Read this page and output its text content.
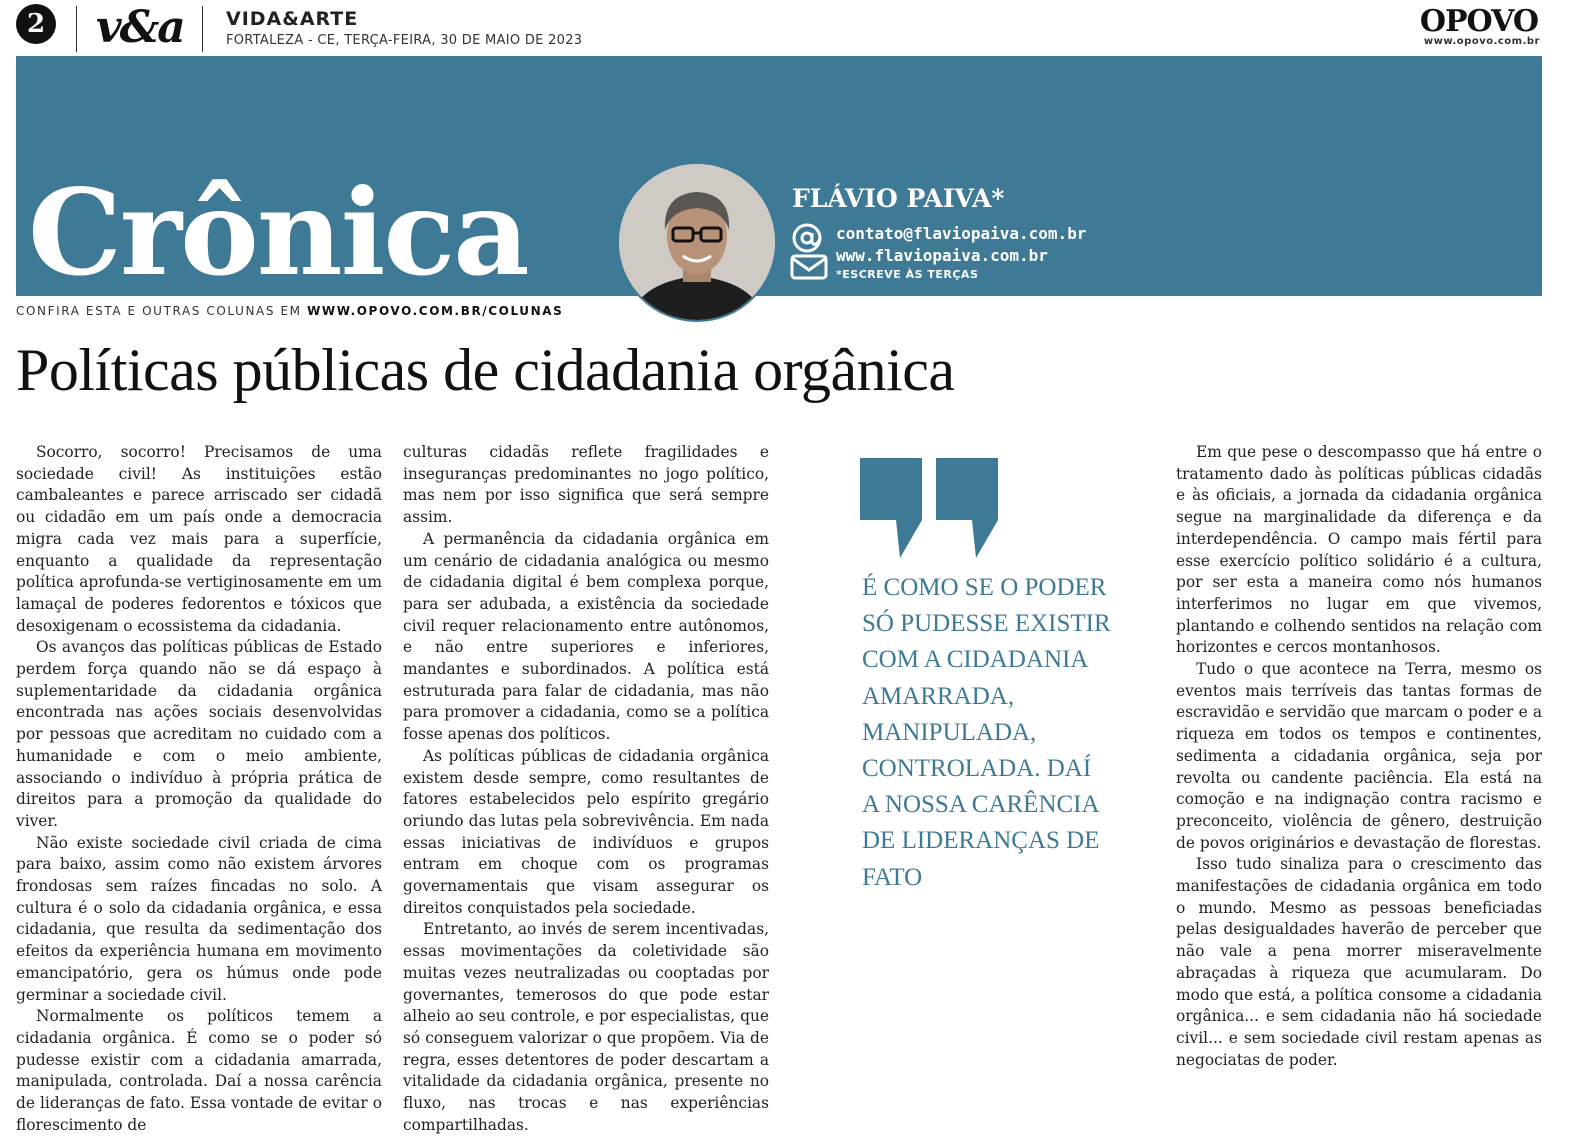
2 v&a VIDA&ARTE
FORTALEZA - CE, TERÇA-FEIRA, 30 DE MAIO DE 2023
OPOVO
www.opovo.com.br
Crônica	FLÁVIO PAIVA*
contato@flaviopaiva.com.br
www.flaviopaiva.com.br
*ESCREVE ÀS TERÇAS
CONFIRA ESTA E OUTRAS COLUNAS EM WWW.OPOVO.COM.BR/COLUNAS
Políticas públicas de cidadania orgânica

Socorro, socorro! Precisamos de uma sociedade civil! As instituições estão cambaleantes e parece arriscado ser cidadã ou cidadão em um país onde a democracia migra cada vez mais para a superfície, enquanto a qualidade da representação política aprofunda-se vertiginosamente em um lamaçal de poderes fedorentos e tóxicos que desoxigenam o ecossistema da cidadania.

Os avanços das políticas públicas de Estado perdem força quando não se dá espaço à suplementaridade da cidadania orgânica encontrada nas ações sociais desenvolvidas por pessoas que acreditam no cuidado com a humanidade e com o meio ambiente, associando o indivíduo à própria prática de direitos para a promoção da qualidade do viver.

Não existe sociedade civil criada de cima para baixo, assim como não existem árvores frondosas sem raízes fincadas no solo. A cultura é o solo da cidadania orgânica, e essa cidadania, que resulta da sedimentação dos efeitos da experiência humana em movimento emancipatório, gera os húmus onde pode germinar a sociedade civil.

Normalmente os políticos temem a cidadania orgânica. É como se o poder só pudesse existir com a cidadania amarrada, manipulada, controlada. Daí a nossa carência de lideranças de fato. Essa vontade de evitar o florescimento de

culturas cidadãs reflete fragilidades e inseguranças predominantes no jogo político, mas nem por isso significa que será sempre assim.

A permanência da cidadania orgânica em um cenário de cidadania analógica ou mesmo de cidadania digital é bem complexa porque, para ser adubada, a existência da sociedade civil requer relacionamento entre autônomos, e não entre superiores e inferiores, mandantes e subordinados. A política está estruturada para falar de cidadania, mas não para promover a cidadania, como se a política fosse apenas dos políticos.

As políticas públicas de cidadania orgânica existem desde sempre, como resultantes de fatores estabelecidos pelo espírito gregário oriundo das lutas pela sobrevivência. Em nada essas iniciativas de indivíduos e grupos entram em choque com os programas governamentais que visam assegurar os direitos conquistados pela sociedade.

Entretanto, ao invés de serem incentivadas, essas movimentações da coletividade são muitas vezes neutralizadas ou cooptadas por governantes, temerosos do que pode estar alheio ao seu controle, e por especialistas, que só conseguem valorizar o que propõem. Via de regra, esses detentores de poder descartam a vitalidade da cidadania orgânica, presente no fluxo, nas trocas e nas experiências compartilhadas.

É COMO SE O PODER SÓ PUDESSE EXISTIR COM A CIDADANIA AMARRADA, MANIPULADA, CONTROLADA. DAÍ A NOSSA CARÊNCIA DE LIDERANÇAS DE FATO

Em que pese o descompasso que há entre o tratamento dado às políticas públicas cidadãs e às oficiais, a jornada da cidadania orgânica segue na marginalidade da diferença e da interdependência. O campo mais fértil para esse exercício político solidário é a cultura, por ser esta a maneira como nós humanos interferimos no lugar em que vivemos, plantando e colhendo sentidos na relação com horizontes e cercos montanhosos.

Tudo o que acontece na Terra, mesmo os eventos mais terríveis das tantas formas de escravidão e servidão que marcam o poder e a riqueza em todos os tempos e continentes, sedimenta a cidadania orgânica, seja por revolta ou candente paciência. Ela está na comoção e na indignação contra racismo e preconceito, violência de gênero, destruição de povos originários e devastação de florestas.

Isso tudo sinaliza para o crescimento das manifestações de cidadania orgânica em todo o mundo. Mesmo as pessoas beneficiadas pelas desigualdades haverão de perceber que não vale a pena morrer miseravelmente abraçadas à riqueza que acumularam. Do modo que está, a política consome a cidadania orgânica... e sem cidadania não há sociedade civil... e sem sociedade civil restam apenas as negociatas de poder.
